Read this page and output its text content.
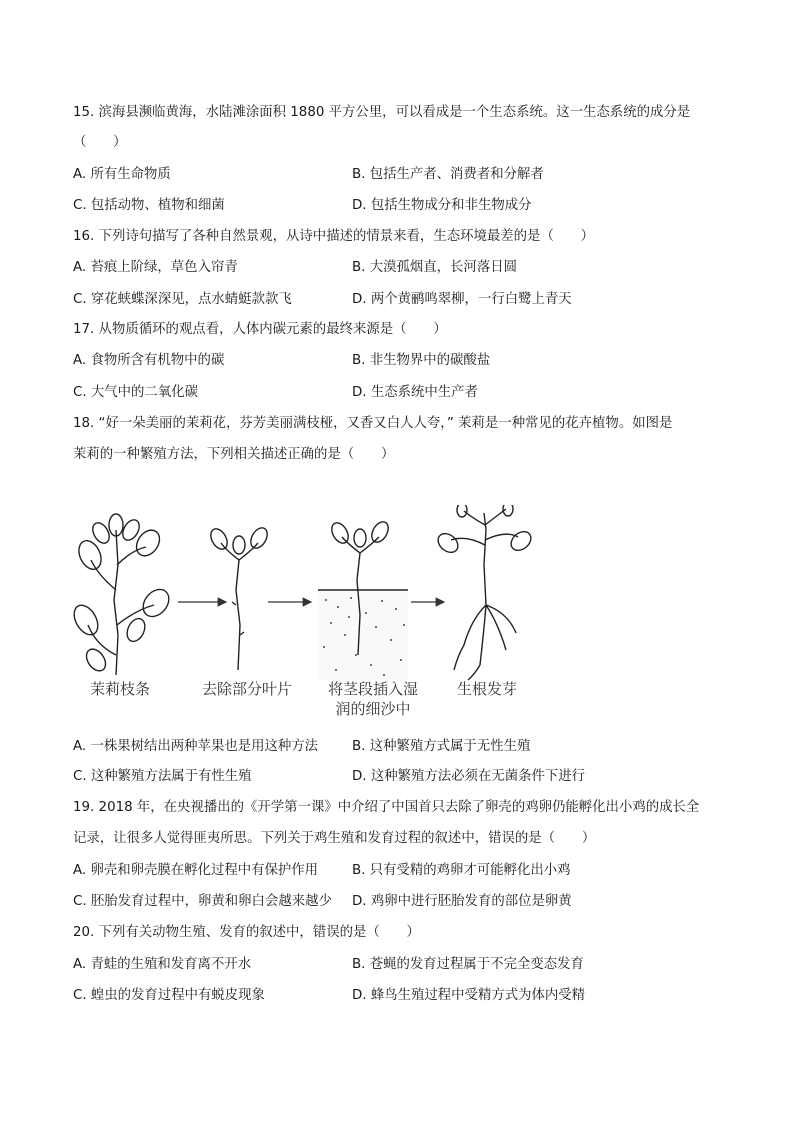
15. 滨海县濒临黄海，水陆滩涂面积 1880 平方公里，可以看成是一个生态系统。这一生态系统的成分是
（　　）
A. 所有生命物质	B. 包括生产者、消费者和分解者
C. 包括动物、植物和细菌	D. 包括生物成分和非生物成分
16. 下列诗句描写了各种自然景观，从诗中描述的情景来看，生态环境最差的是（　　）
A. 苔痕上阶绿，草色入帘青	B. 大漠孤烟直，长河落日圆
C. 穿花蛱蝶深深见，点水蜻蜓款款飞	D. 两个黄鹂鸣翠柳，一行白鹭上青天
17. 从物质循环的观点看，人体内碳元素的最终来源是（　　）
A. 食物所含有机物中的碳	B. 非生物界中的碳酸盐
C. 大气中的二氧化碳	D. 生态系统中生产者
18. “好一朵美丽的茉莉花，芬芳美丽满枝桠，又香又白人人夸，” 茉莉是一种常见的花卉植物。如图是
茉莉的一种繁殖方法，下列相关描述正确的是（　　）
茉莉枝条	去除部分叶片	将茎段插入湿
润的细沙中
生根发芽
A. 一株果树结出两种苹果也是用这种方法	B. 这种繁殖方式属于无性生殖
C. 这种繁殖方法属于有性生殖	D. 这种繁殖方法必须在无菌条件下进行
19. 2018 年，在央视播出的《开学第一课》中介绍了中国首只去除了卵壳的鸡卵仍能孵化出小鸡的成长全
记录，让很多人觉得匪夷所思。下列关于鸡生殖和发育过程的叙述中，错误的是（　　）
A. 卵壳和卵壳膜在孵化过程中有保护作用	B. 只有受精的鸡卵才可能孵化出小鸡
C. 胚胎发育过程中，卵黄和卵白会越来越少 D. 鸡卵中进行胚胎发育的部位是卵黄
20. 下列有关动物生殖、发育的叙述中，错误的是（　　）
A. 青蛙的生殖和发育离不开水	B. 苍蝇的发育过程属于不完全变态发育
C. 蝗虫的发育过程中有蜕皮现象	D. 蜂鸟生殖过程中受精方式为体内受精
